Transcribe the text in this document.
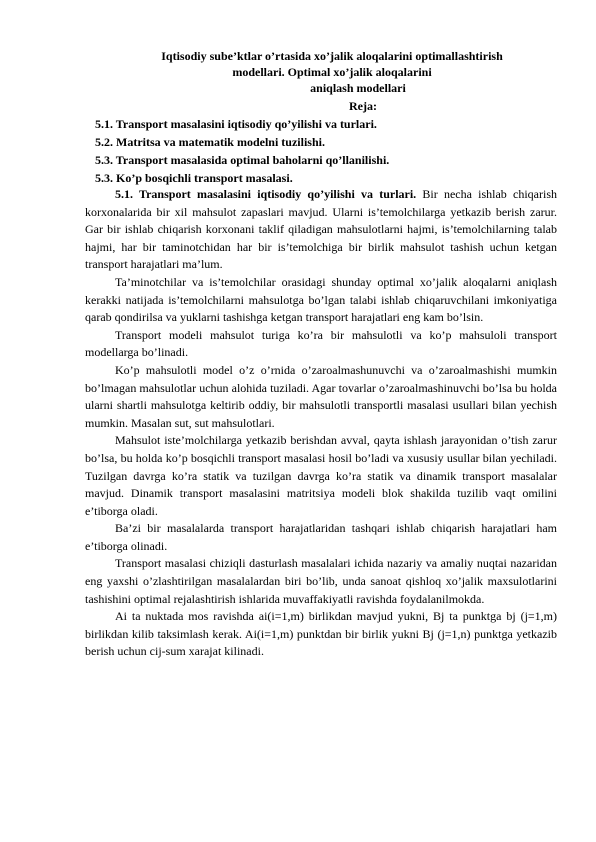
Iqtisodiy sube’ktlar o’rtasida xo’jalik aloqalarini optimallashtirish
modellari. Optimal xo’jalik aloqalarini
aniqlash modellari
Reja:
5.1. Transport masalasini iqtisodiy qo’yilishi va turlari.
5.2. Matritsa va matematik modelni tuzilishi.
5.3. Transport masalasida optimal baholarni qo’llanilishi.
5.3. Ko’p bosqichli transport masalasi.

5.1. Transport masalasini iqtisodiy qo’yilishi va turlari. Bir necha ishlab chiqarish korxonalarida bir xil mahsulot zapaslari mavjud. Ularni is’temolchilarga yetkazib berish zarur. Gar bir ishlab chiqarish korxonani taklif qiladigan mahsulotlarni hajmi, is’temolchilarning talab hajmi, har bir taminotchidan har bir is’temolchiga bir birlik mahsulot tashish uchun ketgan transport harajatlari ma’lum.

Ta’minotchilar va is’temolchilar orasidagi shunday optimal xo’jalik aloqalarni aniqlash kerakki natijada is’temolchilarni mahsulotga bo’lgan talabi ishlab chiqaruvchilani imkoniyatiga qarab qondirilsa va yuklarni tashishga ketgan transport harajatlari eng kam bo’lsin.

Transport modeli mahsulot turiga ko’ra bir mahsulotli va ko’p mahsuloli transport modellarga bo’linadi.

Ko’p mahsulotli model o’z o’rnida o’zaroalmashunuvchi va o’zaroalmashishi mumkin bo’lmagan mahsulotlar uchun alohida tuziladi. Agar tovarlar o’zaroalmashinuvchi bo’lsa bu holda ularni shartli mahsulotga keltirib oddiy, bir mahsulotli transportli masalasi usullari bilan yechish mumkin. Masalan sut, sut mahsulotlari.

Mahsulot iste’molchilarga yetkazib berishdan avval, qayta ishlash jarayonidan o’tish zarur bo’lsa, bu holda ko’p bosqichli transport masalasi hosil bo’ladi va xususiy usullar bilan yechiladi. Tuzilgan davrga ko’ra statik va tuzilgan davrga ko’ra statik va dinamik transport masalalar mavjud. Dinamik transport masalasini matritsiya modeli blok shakilda tuzilib vaqt omilini e’tiborga oladi.

Ba’zi bir masalalarda transport harajatlaridan tashqari ishlab chiqarish harajatlari ham e’tiborga olinadi.

Transport masalasi chiziqli dasturlash masalalari ichida nazariy va amaliy nuqtai nazaridan eng yaxshi o’zlashtirilgan masalalardan biri bo’lib, unda sanoat qishloq xo’jalik maxsulotlarini tashishini optimal rejalashtirish ishlarida muvaffakiyatli ravishda foydalanilmokda.

Ai ta nuktada mos ravishda ai(i=1,m) birlikdan mavjud yukni, Bj ta punktga bj (j=1,m) birlikdan kilib taksimlash kerak. Ai(i=1,m) punktdan bir birlik yukni Bj (j=1,n) punktga yetkazib berish uchun cij-sum xarajat kilinadi.
